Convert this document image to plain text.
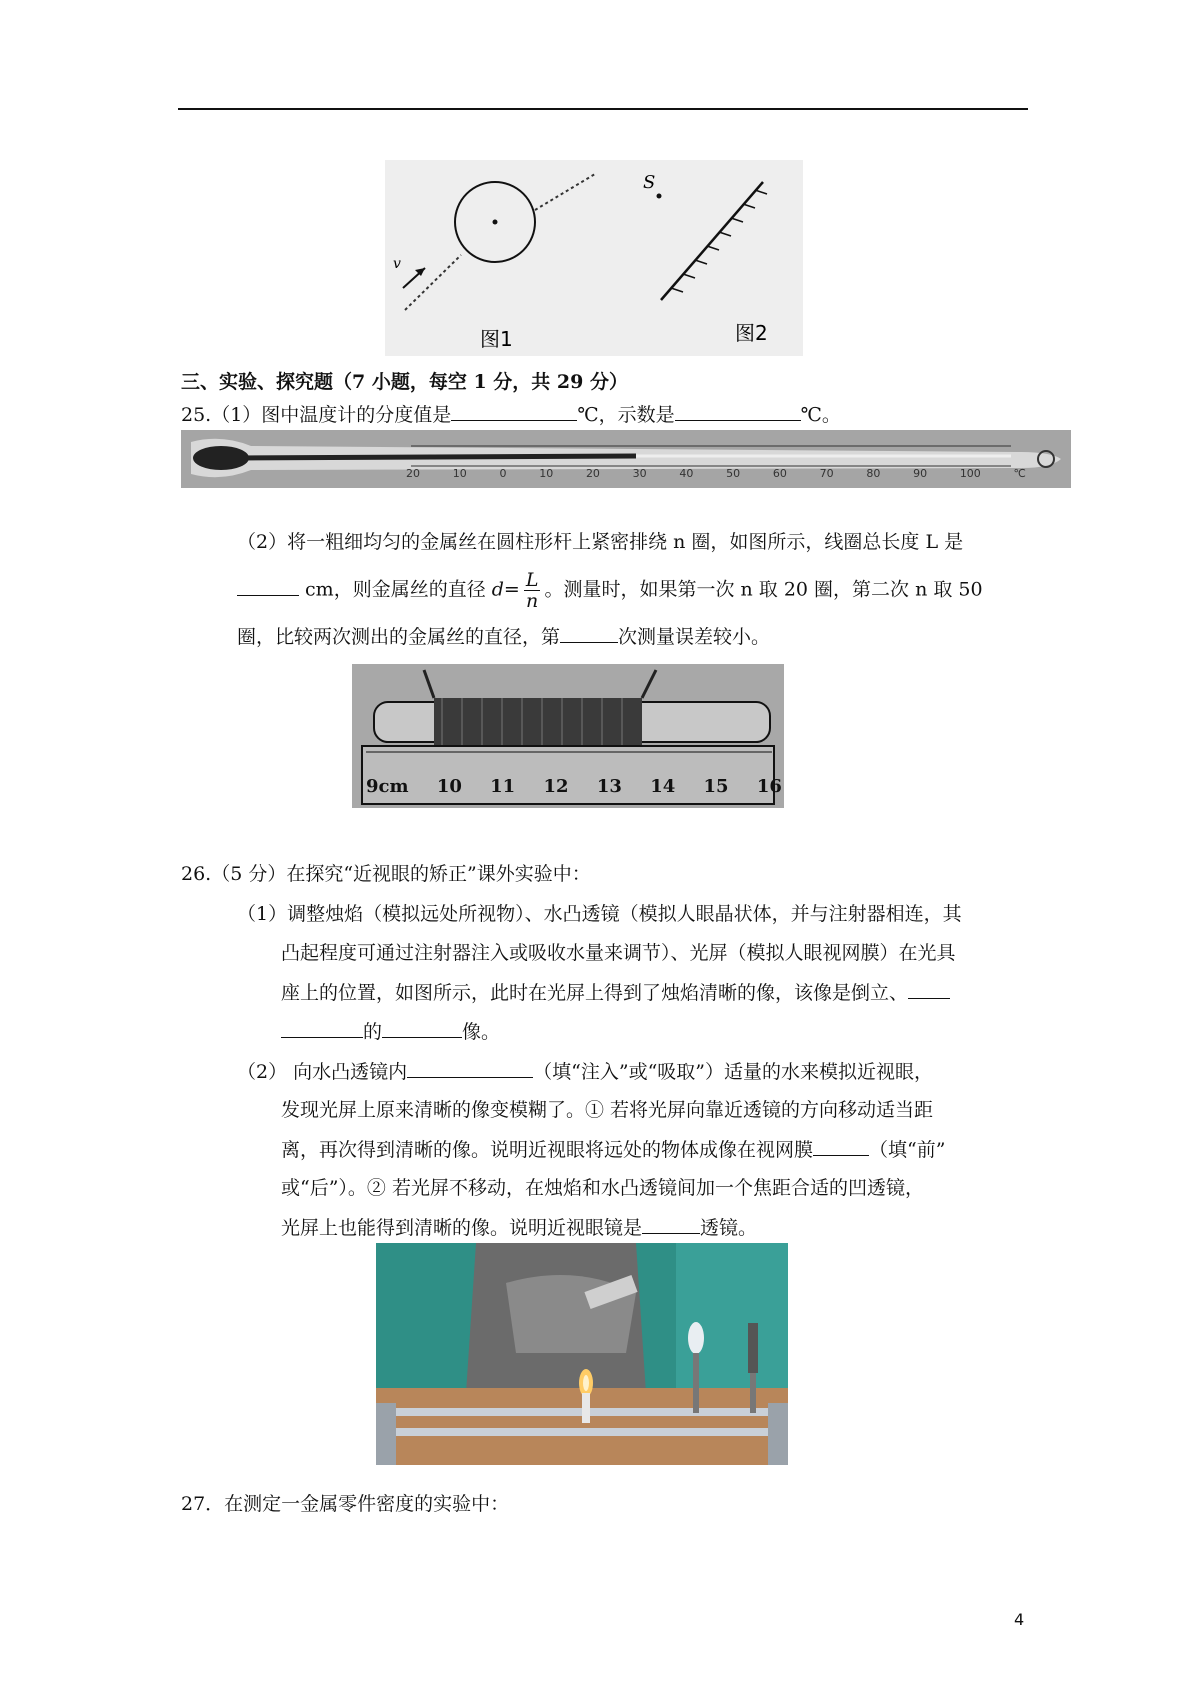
v
S
图1	图2
三、实验、探究题（7 小题，每空 1 分，共 29 分）
25.（1）图中温度计的分度值是	℃，示数是	℃。
20	10	0	10	20	30	40	50	60	70	80	90	100	℃
（2）将一粗细均匀的金属丝在圆柱形杆上紧密排绕 n 圈，如图所示，线圈总长度 L 是
cm，则金属丝的直径 $d= \frac{L}{n}$ 。测量时，如果第一次 n 取 20 圈，第二次 n 取 50
圈，比较两次测出的金属丝的直径，第	次测量误差较小。
9cm 10 11 12 13 14 15 16
26.（5 分）在探究“近视眼的矫正”课外实验中：
（1）调整烛焰（模拟远处所视物）、水凸透镜（模拟人眼晶状体，并与注射器相连，其
凸起程度可通过注射器注入或吸收水量来调节）、光屏（模拟人眼视网膜）在光具
座上的位置，如图所示，此时在光屏上得到了烛焰清晰的像，该像是倒立、
的	像。
（2） 向水凸透镜内	（填“注入”或“吸取”）适量的水来模拟近视眼，
发现光屏上原来清晰的像变模糊了。① 若将光屏向靠近透镜的方向移动适当距
离，再次得到清晰的像。说明近视眼将远处的物体成像在视网膜	（填“前”
或“后”）。② 若光屏不移动，在烛焰和水凸透镜间加一个焦距合适的凹透镜，
光屏上也能得到清晰的像。说明近视眼镜是	透镜。
27．在测定一金属零件密度的实验中：
4
